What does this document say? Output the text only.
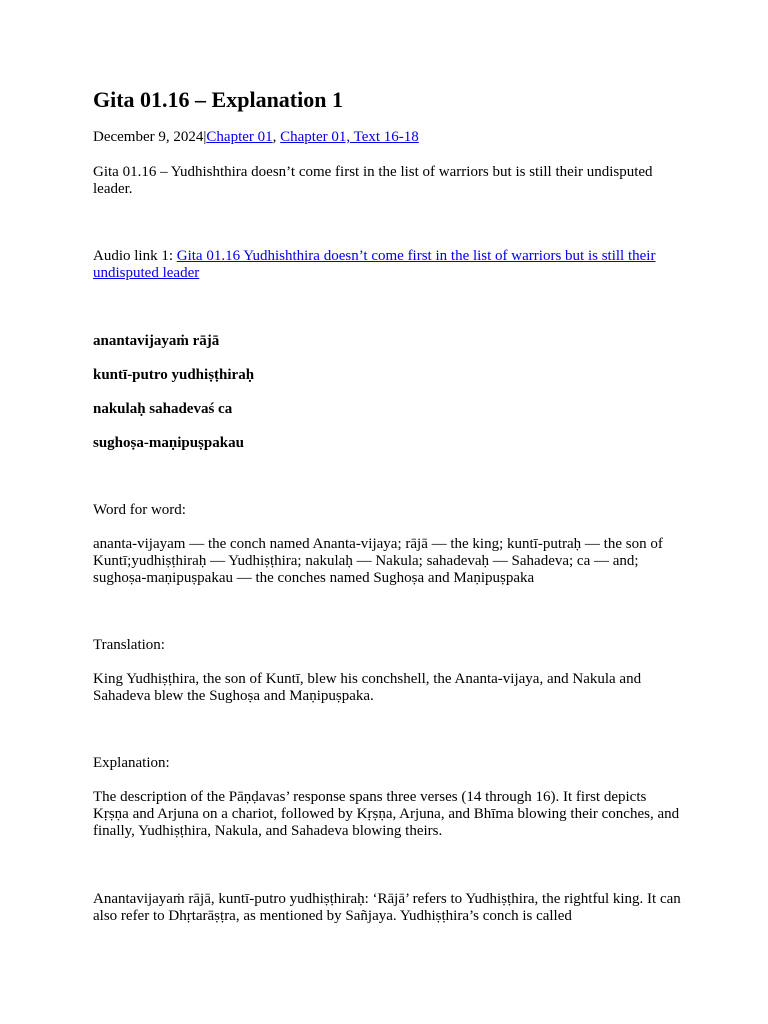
Gita 01.16 – Explanation 1

December 9, 2024|Chapter 01, Chapter 01, Text 16-18

Gita 01.16 – Yudhishthira doesn’t come first in the list of warriors but is still their undisputed leader.

Audio link 1: Gita 01.16 Yudhishthira doesn’t come first in the list of warriors but is still their undisputed leader

anantavijayaṁ rājā

kuntī-putro yudhiṣṭhiraḥ

nakulaḥ sahadevaś ca

sughoṣa-maṇipuṣpakau

Word for word:

ananta-vijayam — the conch named Ananta-vijaya; rājā — the king; kuntī-putraḥ — the son of Kuntī;yudhiṣṭhiraḥ — Yudhiṣṭhira; nakulaḥ — Nakula; sahadevaḥ — Sahadeva; ca — and; sughoṣa-maṇipuṣpakau — the conches named Sughoṣa and Maṇipuṣpaka

Translation:

King Yudhiṣṭhira, the son of Kuntī, blew his conchshell, the Ananta-vijaya, and Nakula and Sahadeva blew the Sughoṣa and Maṇipuṣpaka.

Explanation:

The description of the Pāṇḍavas’ response spans three verses (14 through 16). It first depicts Kṛṣṇa and Arjuna on a chariot, followed by Kṛṣṇa, Arjuna, and Bhīma blowing their conches, and finally, Yudhiṣṭhira, Nakula, and Sahadeva blowing theirs.

Anantavijayaṁ rājā, kuntī-putro yudhiṣṭhiraḥ: ‘Rājā’ refers to Yudhiṣṭhira, the rightful king. It can also refer to Dhṛtarāṣṭra, as mentioned by Sañjaya. Yudhiṣṭhira’s conch is called
